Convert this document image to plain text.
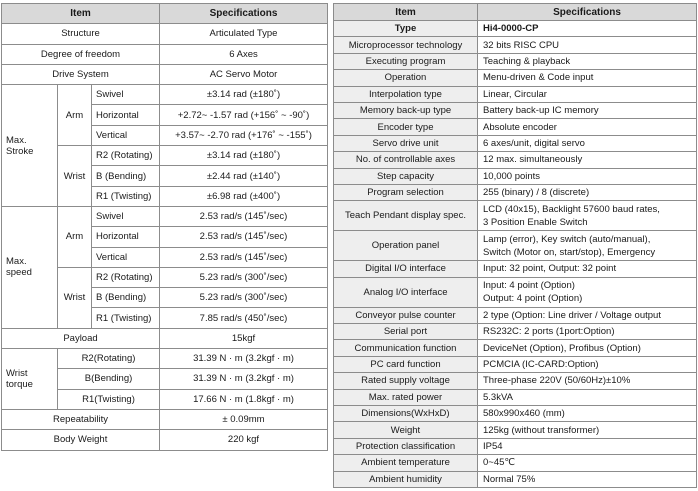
Item			Specifications
Structure			Articulated Type
Degree of freedom			6 Axes
Drive System			AC Servo Motor
Max. Stroke	Arm	Swivel	±3.14 rad (±180˚)
		Horizontal	+2.72~ -1.57 rad (+156˚ ~ -90˚)
		Vertical	+3.57~ -2.70 rad (+176˚ ~ -155˚)
	Wrist	R2 (Rotating)	±3.14 rad (±180˚)
		B (Bending)	±2.44 rad (±140˚)
		R1 (Twisting)	±6.98 rad (±400˚)
Max. speed	Arm	Swivel	2.53 rad/s (145˚/sec)
		Horizontal	2.53 rad/s (145˚/sec)
		Vertical	2.53 rad/s (145˚/sec)
	Wrist	R2 (Rotating)	5.23 rad/s (300˚/sec)
		B (Bending)	5.23 rad/s (300˚/sec)
		R1 (Twisting)	7.85 rad/s (450˚/sec)
Payload			15kgf
Wrist torque	R2(Rotating)		31.39 N · m (3.2kgf · m)
	B(Bending)		31.39 N · m (3.2kgf · m)
	R1(Twisting)		17.66 N · m (1.8kgf · m)
Repeatability			± 0.09mm
Body Weight			220 kgf
Item	Specifications
Type	Hi4-0000-CP
Microprocessor technology	32 bits RISC CPU
Executing program	Teaching & playback
Operation	Menu-driven & Code input
Interpolation type	Linear, Circular
Memory back-up type	Battery back-up IC memory
Encoder type	Absolute encoder
Servo drive unit	6 axes/unit, digital servo
No. of controllable axes	12 max. simultaneously
Step capacity	10,000 points
Program selection	255 (binary) / 8 (discrete)
Teach Pendant display spec.	LCD (40x15), Backlight 57600 baud rates,
3 Position Enable Switch

Operation panel	Lamp (error), Key switch (auto/manual),
Switch (Motor on, start/stop), Emergency

Digital I/O interface	Input: 32 point, Output: 32 point
Analog I/O interface	Input: 4 point (Option)
Output: 4 point (Option)

Conveyor pulse counter	2 type (Option: Line driver / Voltage output
Serial port	RS232C: 2 ports (1port:Option)
Communication function	DeviceNet (Option), Profibus (Option)
PC card function	PCMCIA (IC-CARD:Option)
Rated supply voltage	Three-phase 220V (50/60Hz)±10%
Max. rated power	5.3kVA
Dimensions(WxHxD)	580x990x460 (mm)
Weight	125kg (without transformer)
Protection classification	IP54
Ambient temperature	0~45℃
Ambient humidity	Normal 75%
